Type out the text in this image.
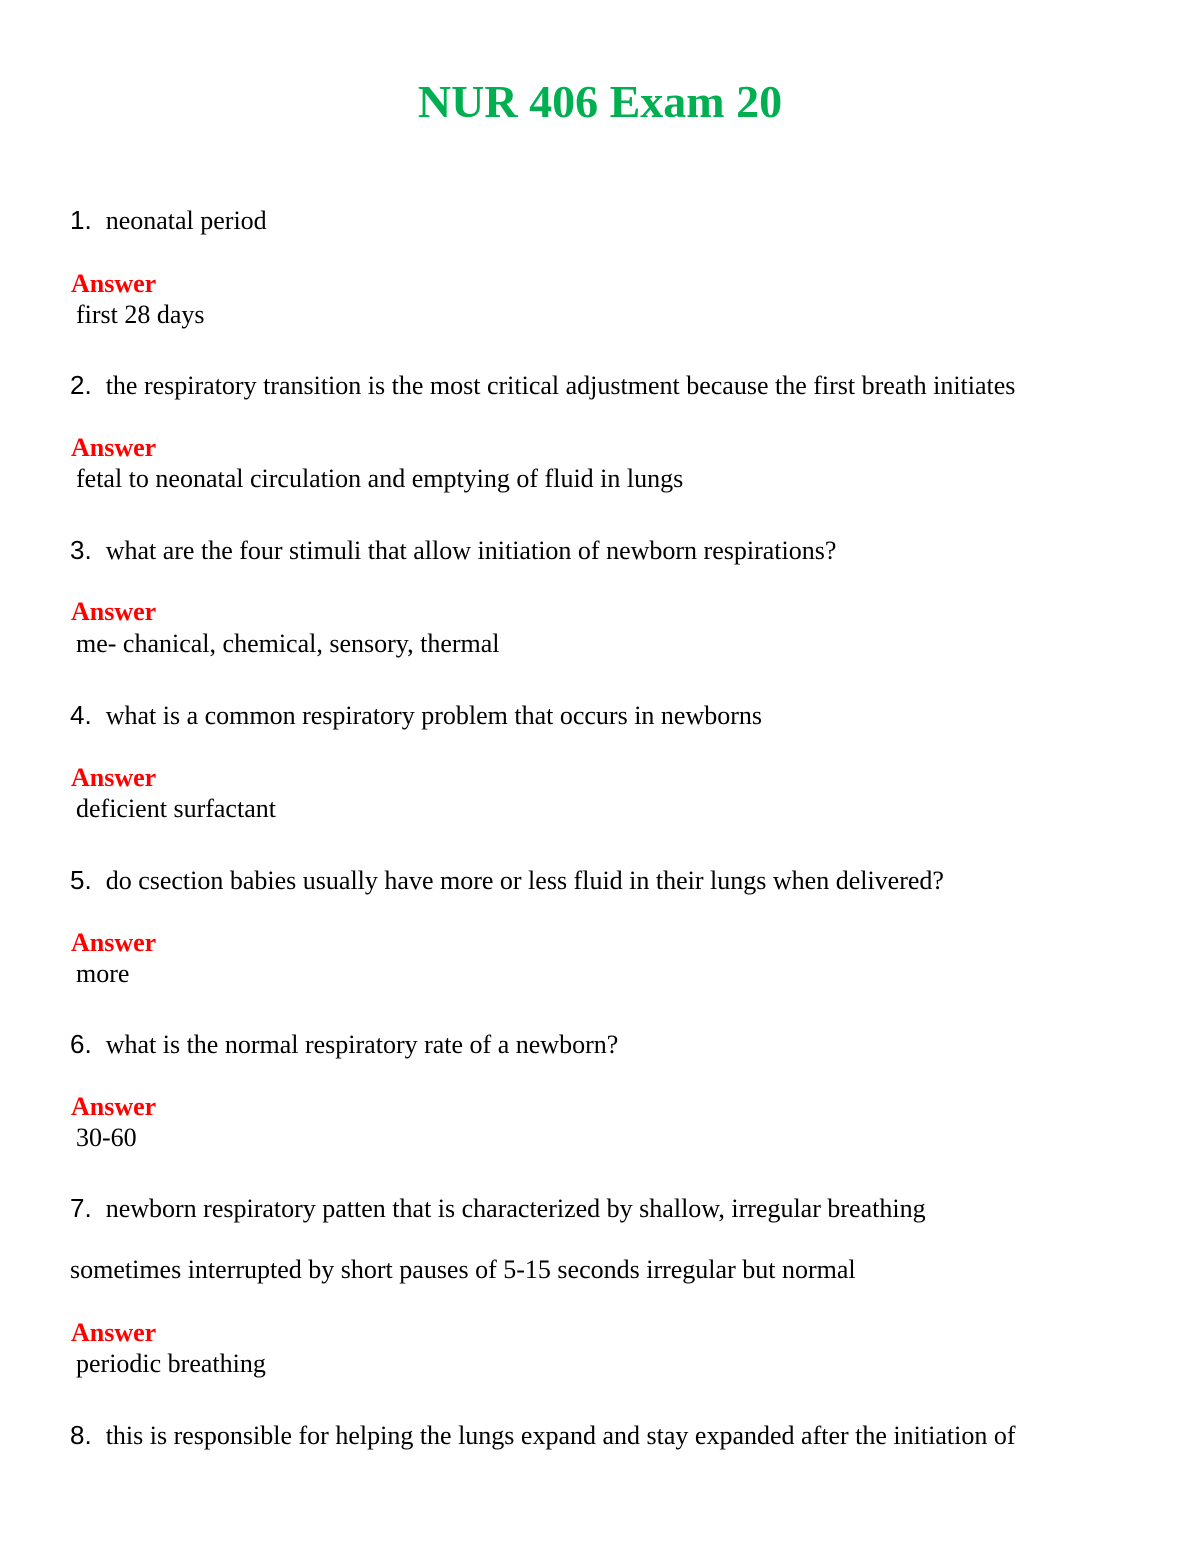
NUR 406 Exam 20
1. neonatal period
Answer
first 28 days
2. the respiratory transition is the most critical adjustment because the first breath initiates
Answer
fetal to neonatal circulation and emptying of fluid in lungs
3. what are the four stimuli that allow initiation of newborn respirations?
Answer
me- chanical, chemical, sensory, thermal
4. what is a common respiratory problem that occurs in newborns
Answer
deficient surfactant
5. do csection babies usually have more or less fluid in their lungs when delivered?
Answer
more
6. what is the normal respiratory rate of a newborn?
Answer
30-60
7. newborn respiratory patten that is characterized by shallow, irregular breathing
sometimes interrupted by short pauses of 5-15 seconds irregular but normal
Answer
periodic breathing
8. this is responsible for helping the lungs expand and stay expanded after the initiation of
